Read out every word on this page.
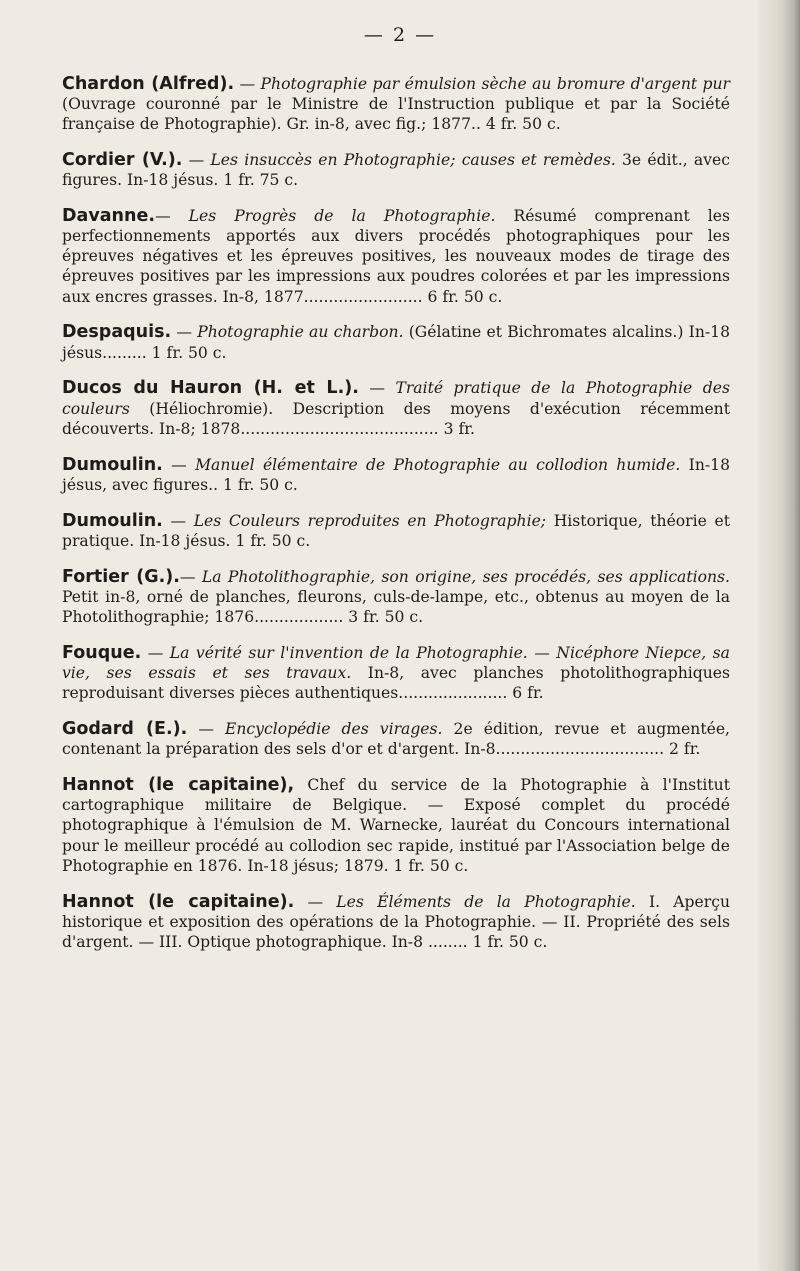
— 2 —

Chardon (Alfred). — Photographie par émulsion sèche au bromure d'argent pur (Ouvrage couronné par le Ministre de l'Instruction publique et par la Société française de Photographie). Gr. in-8, avec fig.; 1877.. 4 fr. 50 c.

Cordier (V.). — Les insuccès en Photographie; causes et remèdes. 3e édit., avec figures. In-18 jésus. 1 fr. 75 c.

Davanne.— Les Progrès de la Photographie. Résumé comprenant les perfectionnements apportés aux divers procédés photographiques pour les épreuves négatives et les épreuves positives, les nouveaux modes de tirage des épreuves positives par les impressions aux poudres colorées et par les impressions aux encres grasses. In-8, 1877........................ 6 fr. 50 c.

Despaquis. — Photographie au charbon. (Gélatine et Bichromates alcalins.) In-18 jésus......... 1 fr. 50 c.

Ducos du Hauron (H. et L.). — Traité pratique de la Photographie des couleurs (Héliochromie). Description des moyens d'exécution récemment découverts. In-8; 1878........................................ 3 fr.

Dumoulin. — Manuel élémentaire de Photographie au collodion humide. In-18 jésus, avec figures.. 1 fr. 50 c.

Dumoulin. — Les Couleurs reproduites en Photographie; Historique, théorie et pratique. In-18 jésus. 1 fr. 50 c.

Fortier (G.).— La Photolithographie, son origine, ses procédés, ses applications. Petit in-8, orné de planches, fleurons, culs-de-lampe, etc., obtenus au moyen de la Photolithographie; 1876.................. 3 fr. 50 c.

Fouque. — La vérité sur l'invention de la Photographie. — Nicéphore Niepce, sa vie, ses essais et ses travaux. In-8, avec planches photolithographiques reproduisant diverses pièces authentiques...................... 6 fr.

Godard (E.). — Encyclopédie des virages. 2e édition, revue et augmentée, contenant la préparation des sels d'or et d'argent. In-8.................................. 2 fr.

Hannot (le capitaine), Chef du service de la Photographie à l'Institut cartographique militaire de Belgique. — Exposé complet du procédé photographique à l'émulsion de M. Warnecke, lauréat du Concours international pour le meilleur procédé au collodion sec rapide, institué par l'Association belge de Photographie en 1876. In-18 jésus; 1879. 1 fr. 50 c.

Hannot (le capitaine). — Les Éléments de la Photographie. I. Aperçu historique et exposition des opérations de la Photographie. — II. Propriété des sels d'argent. — III. Optique photographique. In-8 ........ 1 fr. 50 c.
